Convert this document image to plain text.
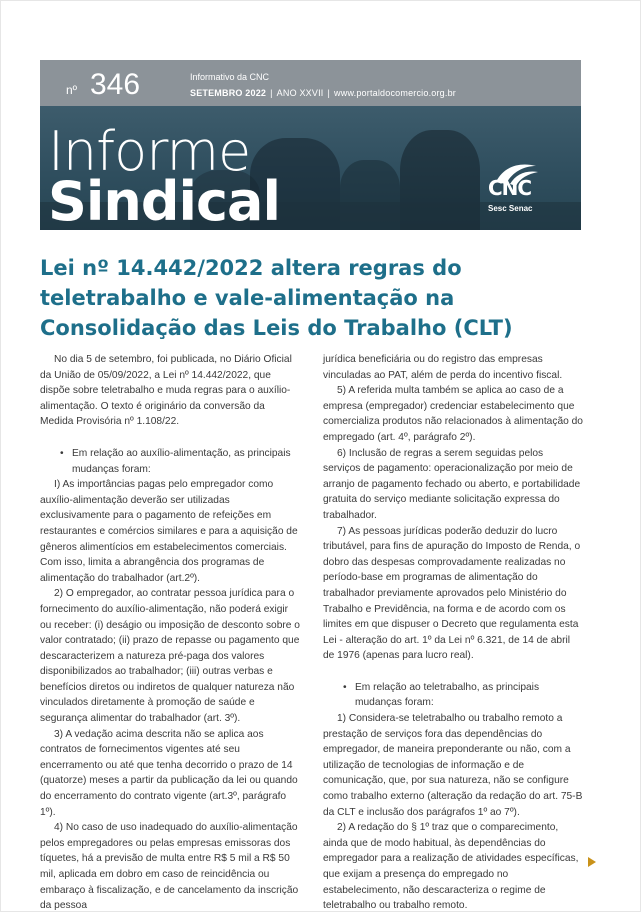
nº 346	Informativo da CNC
SETEMBRO 2022 | ANO XXVII | www.portaldocomercio.org.br
Informe
Sindical	CNC
Sesc Senac
Lei nº 14.442/2022 altera regras do teletrabalho e vale-alimentação na Consolidação das Leis do Trabalho (CLT)

No dia 5 de setembro, foi publicada, no Diário Oficial da União de 05/09/2022, a Lei nº 14.442/2022, que dispõe sobre teletrabalho e muda regras para o auxílio-alimentação. O texto é originário da conversão da Medida Provisória nº 1.108/22.

• Em relação ao auxílio-alimentação, as principais mudanças foram:

I) As importâncias pagas pelo empregador como auxílio-alimentação deverão ser utilizadas exclusivamente para o pagamento de refeições em restaurantes e comércios similares e para a aquisição de gêneros alimentícios em estabelecimentos comerciais. Com isso, limita a abrangência dos programas de alimentação do trabalhador (art.2º).

2) O empregador, ao contratar pessoa jurídica para o fornecimento do auxílio-alimentação, não poderá exigir ou receber: (i) deságio ou imposição de desconto sobre o valor contratado; (ii) prazo de repasse ou pagamento que descaracterizem a natureza pré-paga dos valores disponibilizados ao trabalhador; (iii) outras verbas e benefícios diretos ou indiretos de qualquer natureza não vinculados diretamente à promoção de saúde e segurança alimentar do trabalhador (art. 3º).

3) A vedação acima descrita não se aplica aos contratos de fornecimentos vigentes até seu encerramento ou até que tenha decorrido o prazo de 14 (quatorze) meses a partir da publicação da lei ou quando do encerramento do contrato vigente (art.3º, parágrafo 1º).

4) No caso de uso inadequado do auxílio-alimentação pelos empregadores ou pelas empresas emissoras dos tíquetes, há a previsão de multa entre R$ 5 mil a R$ 50 mil, aplicada em dobro em caso de reincidência ou embaraço à fiscalização, e de cancelamento da inscrição da pessoa

jurídica beneficiária ou do registro das empresas vinculadas ao PAT, além de perda do incentivo fiscal.

5) A referida multa também se aplica ao caso de a empresa (empregador) credenciar estabelecimento que comercializa produtos não relacionados à alimentação do empregado (art. 4º, parágrafo 2º).

6) Inclusão de regras a serem seguidas pelos serviços de pagamento: operacionalização por meio de arranjo de pagamento fechado ou aberto, e portabilidade gratuita do serviço mediante solicitação expressa do trabalhador.

7) As pessoas jurídicas poderão deduzir do lucro tributável, para fins de apuração do Imposto de Renda, o dobro das despesas comprovadamente realizadas no período-base em programas de alimentação do trabalhador previamente aprovados pelo Ministério do Trabalho e Previdência, na forma e de acordo com os limites em que dispuser o Decreto que regulamenta esta Lei - alteração do art. 1º da Lei nº 6.321, de 14 de abril de 1976 (apenas para lucro real).

• Em relação ao teletrabalho, as principais mudanças foram:

1) Considera-se teletrabalho ou trabalho remoto a prestação de serviços fora das dependências do empregador, de maneira preponderante ou não, com a utilização de tecnologias de informação e de comunicação, que, por sua natureza, não se configure como trabalho externo (alteração da redação do art. 75-B da CLT e inclusão dos parágrafos 1º ao 7º).

2) A redação do § 1º traz que o comparecimento, ainda que de modo habitual, às dependências do empregador para a realização de atividades específicas, que exijam a presença do empregado no estabelecimento, não descaracteriza o regime de teletrabalho ou trabalho remoto.
